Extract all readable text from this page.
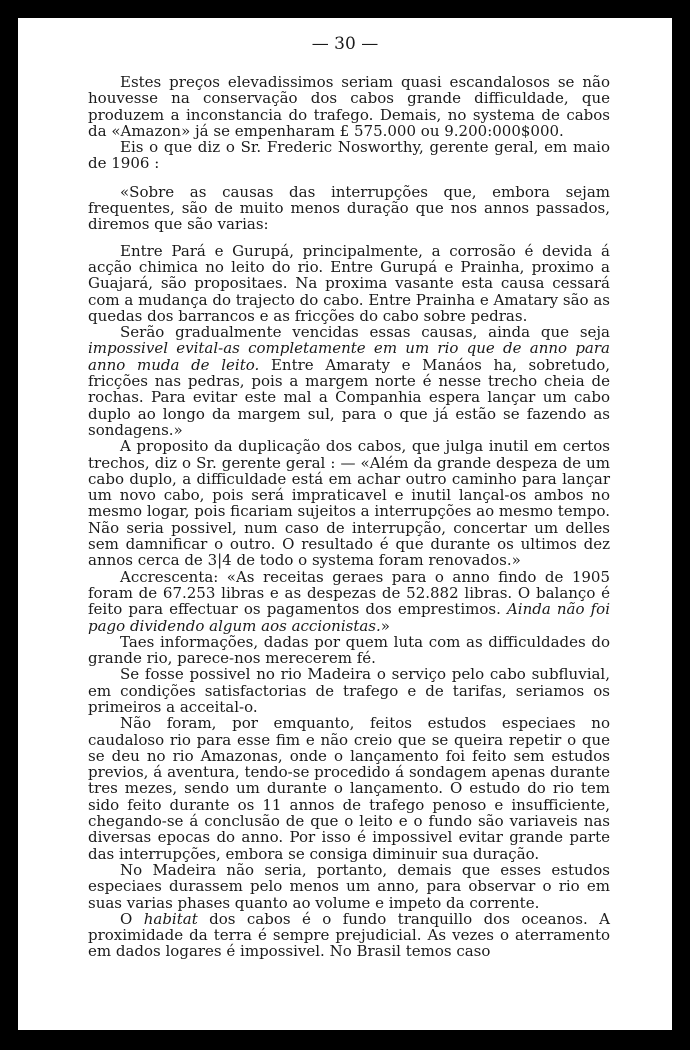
— 30 —

Estes preços elevadissimos seriam quasi escandalosos se não houvesse na conservação dos cabos grande difficuldade, que produzem a inconstancia do trafego. Demais, no systema de cabos da «Amazon» já se empenharam £ 575.000 ou 9.200:000$000.

Eis o que diz o Sr. Frederic Nosworthy, gerente geral, em maio de 1906 :

«Sobre as causas das interrupções que, embora sejam frequentes, são de muito menos duração que nos annos passados, diremos que são varias:

Entre Pará e Gurupá, principalmente, a corrosão é devida á acção chimica no leito do rio. Entre Gurupá e Prainha, proximo a Guajará, são propositaes. Na proxima vasante esta causa cessará com a mudança do trajecto do cabo. Entre Prainha e Amatary são as quedas dos barrancos e as fricções do cabo sobre pedras.

Serão gradualmente vencidas essas causas, ainda que seja impossivel evital-as completamente em um rio que de anno para anno muda de leito. Entre Amaraty e Manáos ha, sobretudo, fricções nas pedras, pois a margem norte é nesse trecho cheia de rochas. Para evitar este mal a Companhia espera lançar um cabo duplo ao longo da margem sul, para o que já estão se fazendo as sondagens.»

A proposito da duplicação dos cabos, que julga inutil em certos trechos, diz o Sr. gerente geral : — «Além da grande despeza de um cabo duplo, a difficuldade está em achar outro caminho para lançar um novo cabo, pois será impraticavel e inutil lançal-os ambos no mesmo logar, pois ficariam sujeitos a interrupções ao mesmo tempo. Não seria possivel, num caso de interrupção, concertar um delles sem damnificar o outro. O resultado é que durante os ultimos dez annos cerca de 3|4 de todo o systema foram renovados.»

Accrescenta: «As receitas geraes para o anno findo de 1905 foram de 67.253 libras e as despezas de 52.882 libras. O balanço é feito para effectuar os pagamentos dos emprestimos. Ainda não foi pago dividendo algum aos accionistas.»

Taes informações, dadas por quem luta com as difficuldades do grande rio, parece-nos merecerem fé.

Se fosse possivel no rio Madeira o serviço pelo cabo subfluvial, em condições satisfactorias de trafego e de tarifas, seriamos os primeiros a acceital-o.

Não foram, por emquanto, feitos estudos especiaes no caudaloso rio para esse fim e não creio que se queira repetir o que se deu no rio Amazonas, onde o lançamento foi feito sem estudos previos, á aventura, tendo-se procedido á sondagem apenas durante tres mezes, sendo um durante o lançamento. O estudo do rio tem sido feito durante os 11 annos de trafego penoso e insufficiente, chegando-se á conclusão de que o leito e o fundo são variaveis nas diversas epocas do anno. Por isso é impossivel evitar grande parte das interrupções, embora se consiga diminuir sua duração.

No Madeira não seria, portanto, demais que esses estudos especiaes durassem pelo menos um anno, para observar o rio em suas varias phases quanto ao volume e impeto da corrente.

O habitat dos cabos é o fundo tranquillo dos oceanos. A proximidade da terra é sempre prejudicial. As vezes o aterramento em dados logares é impossivel. No Brasil temos caso
